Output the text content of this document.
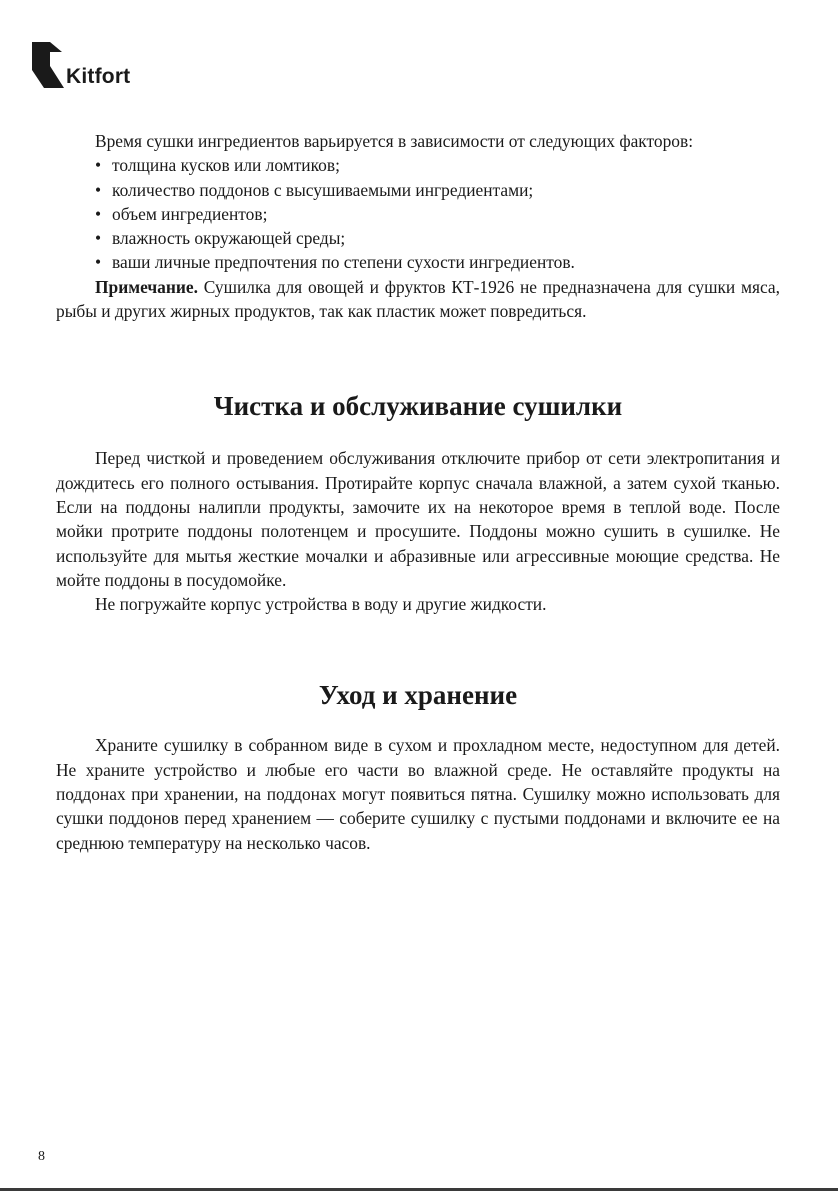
Kitfort

Время сушки ингредиентов варьируется в зависимости от следующих факторов:

• толщина кусков или ломтиков;
• количество поддонов с высушиваемыми ингредиентами;
• объем ингредиентов;
• влажность окружающей среды;
• ваши личные предпочтения по степени сухости ингредиентов.

Примечание. Сушилка для овощей и фруктов КТ-1926 не предназначена для сушки мяса, рыбы и других жирных продуктов, так как пластик может повредиться.

Чистка и обслуживание сушилки

Перед чисткой и проведением обслуживания отключите прибор от сети электропитания и дождитесь его полного остывания. Протирайте корпус сначала влажной, а затем сухой тканью. Если на поддоны налипли продукты, замочите их на некоторое время в теплой воде. После мойки протрите поддоны полотенцем и просушите. Поддоны можно сушить в сушилке. Не используйте для мытья жесткие мочалки и абразивные или агрессивные моющие средства. Не мойте поддоны в посудомойке.

Не погружайте корпус устройства в воду и другие жидкости.

Уход и хранение

Храните сушилку в собранном виде в сухом и прохладном месте, недоступном для детей. Не храните устройство и любые его части во влажной среде. Не оставляйте продукты на поддонах при хранении, на поддонах могут появиться пятна. Сушилку можно использовать для сушки поддонов перед хранением — соберите сушилку с пустыми поддонами и включите ее на среднюю температуру на несколько часов.

8
